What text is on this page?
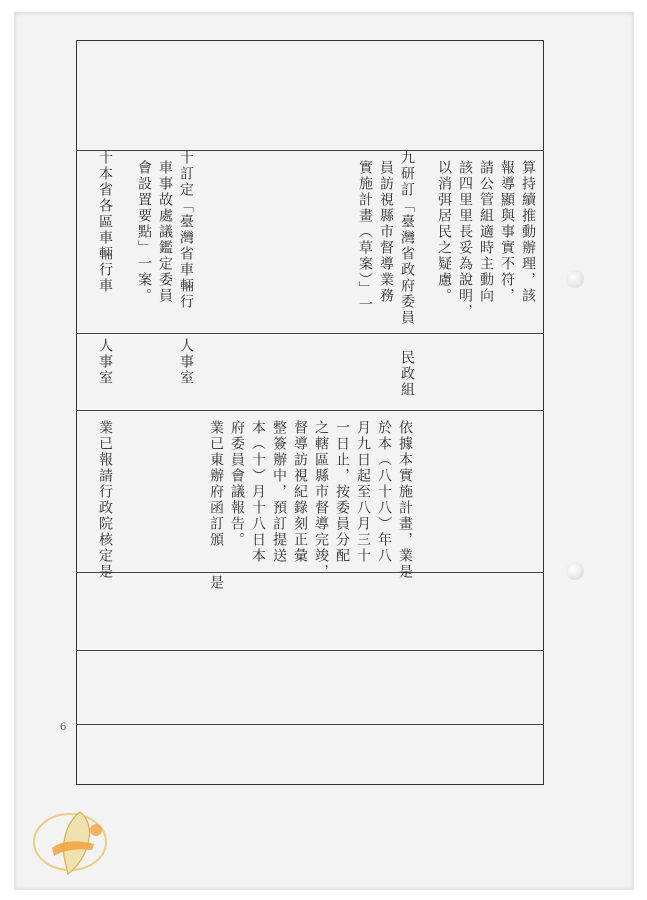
算持續推動辦理，該
報導顯與事實不符，
請公管組適時主動向
該四里里長妥為說明，
以消弭居民之疑慮。
九研訂「臺灣省政府委員
民政組
員訪視縣市督導業務
實施計畫（草案）」一
依據本實施計畫，業是
於本（八十八）年八
月九日起至八月三十
一日止，按委員分配
之轄區縣市督導完竣，
督導訪視紀錄刻正彙
整簽辦中，預訂提送
本（十）月十八日本
府委員會議報告。
業已東辦府函訂頒
是
十訂定「臺灣省車輛行
人事室
車事故處議鑑定委員
會設置要點」一案。
十本省各區車輛行車
人事室
業已報請行政院核定是
6
